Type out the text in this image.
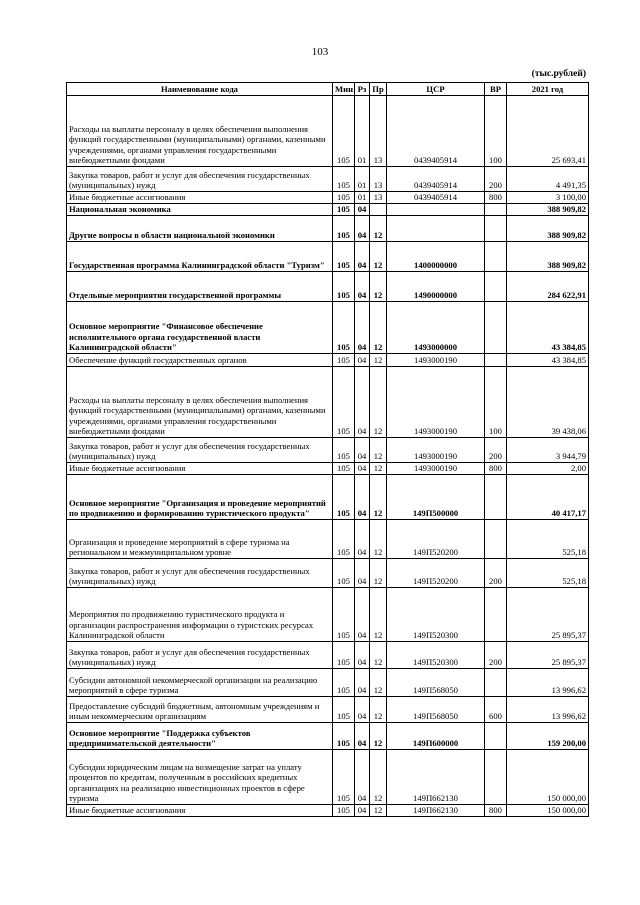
103
(тыс.рублей)
Наименование кода	Мин	Рз	Пр	ЦСР	ВР	2021 год
Расходы на выплаты персоналу в целях обеспечения выполнения функций государственными (муниципальными) органами, казенными учреждениями, органами управления государственными внебюджетными фондами	105	01	13	0439405914	100	25 693,41
Закупка товаров, работ и услуг для обеспечения государственных (муниципальных) нужд	105	01	13	0439405914	200	4 491,35
Иные бюджетные ассигнования	105	01	13	0439405914	800	3 100,00
Национальная экономика	105	04				388 909,82
Другие вопросы в области национальной экономики	105	04	12			388 909,82
Государственная программа Калининградской области "Туризм"	105	04	12	1400000000		388 909,82
Отдельные мероприятия государственной программы	105	04	12	1490000000		284 622,91
Основное мероприятие "Финансовое обеспечение исполнительного органа государственной власти Калининградской области"	105	04	12	1493000000		43 384,85
Обеспечение функций государственных органов	105	04	12	1493000190		43 384,85
Расходы на выплаты персоналу в целях обеспечения выполнения функций государственными (муниципальными) органами, казенными учреждениями, органами управления государственными внебюджетными фондами	105	04	12	1493000190	100	39 438,06
Закупка товаров, работ и услуг для обеспечения государственных (муниципальных) нужд	105	04	12	1493000190	200	3 944,79
Иные бюджетные ассигнования	105	04	12	1493000190	800	2,00
Основное мероприятие "Организация и проведение мероприятий по продвижению и формированию туристического продукта"	105	04	12	149П500000		40 417,17
Организация и проведение мероприятий в сфере туризма на региональном и межмуниципальном уровне	105	04	12	149П520200		525,18
Закупка товаров, работ и услуг для обеспечения государственных (муниципальных) нужд	105	04	12	149П520200	200	525,18
Мероприятия по продвижению туристического продукта и организации распространения информации о туристских ресурсах Калининградской области	105	04	12	149П520300		25 895,37
Закупка товаров, работ и услуг для обеспечения государственных (муниципальных) нужд	105	04	12	149П520300	200	25 895,37
Субсидии автономной некоммерческой организации на реализацию мероприятий в сфере туризма	105	04	12	149П568050		13 996,62
Предоставление субсидий бюджетным, автономным учреждениям и иным некоммерческим организациям	105	04	12	149П568050	600	13 996,62
Основное мероприятие "Поддержка субъектов предпринимательской деятельности"	105	04	12	149П600000		159 200,00
Субсидии юридическим лицам на возмещение затрат на уплату процентов по кредитам, полученным в российских кредитных организациях на реализацию инвестиционных проектов в сфере туризма	105	04	12	149П662130		150 000,00
Иные бюджетные ассигнования	105	04	12	149П662130	800	150 000,00
